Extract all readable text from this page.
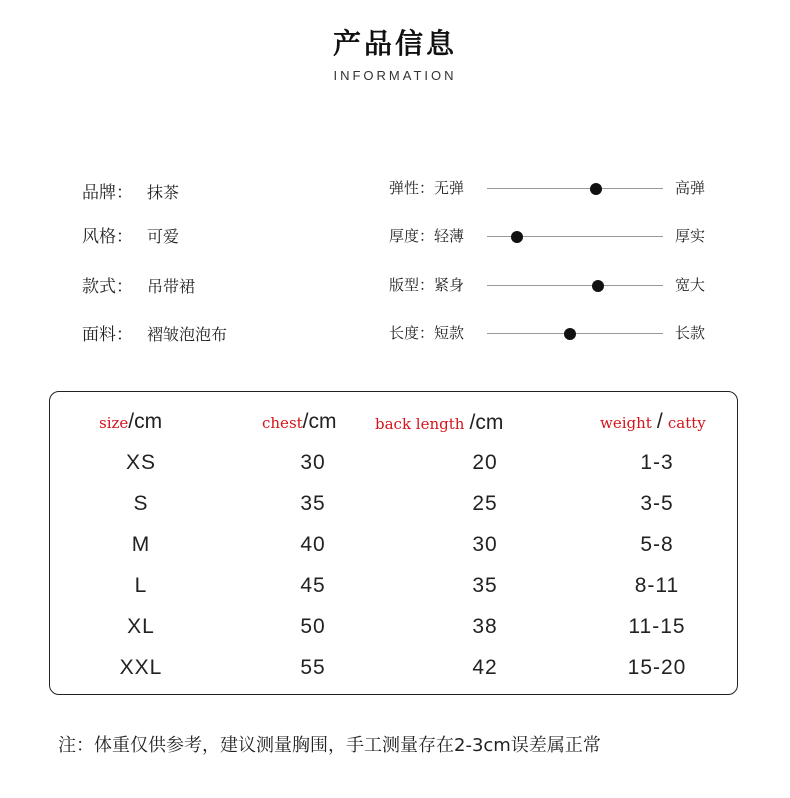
产品信息
INFORMATION
品牌： 抹茶
风格： 可爱
款式： 吊带裙
面料： 褶皱泡泡布
弹性：无弹	高弹
厚度：轻薄	厚实
版型：紧身	宽大
长度：短款	长款
size/cm	chest/cm	back length /cm	weight / catty
XS	30	20	1-3
S	35	25	3-5
M	40	30	5-8
L	45	35	8-11
XL	50	38	11-15
XXL	55	42	15-20
注：体重仅供参考，建议测量胸围，手工测量存在2-3cm误差属正常
